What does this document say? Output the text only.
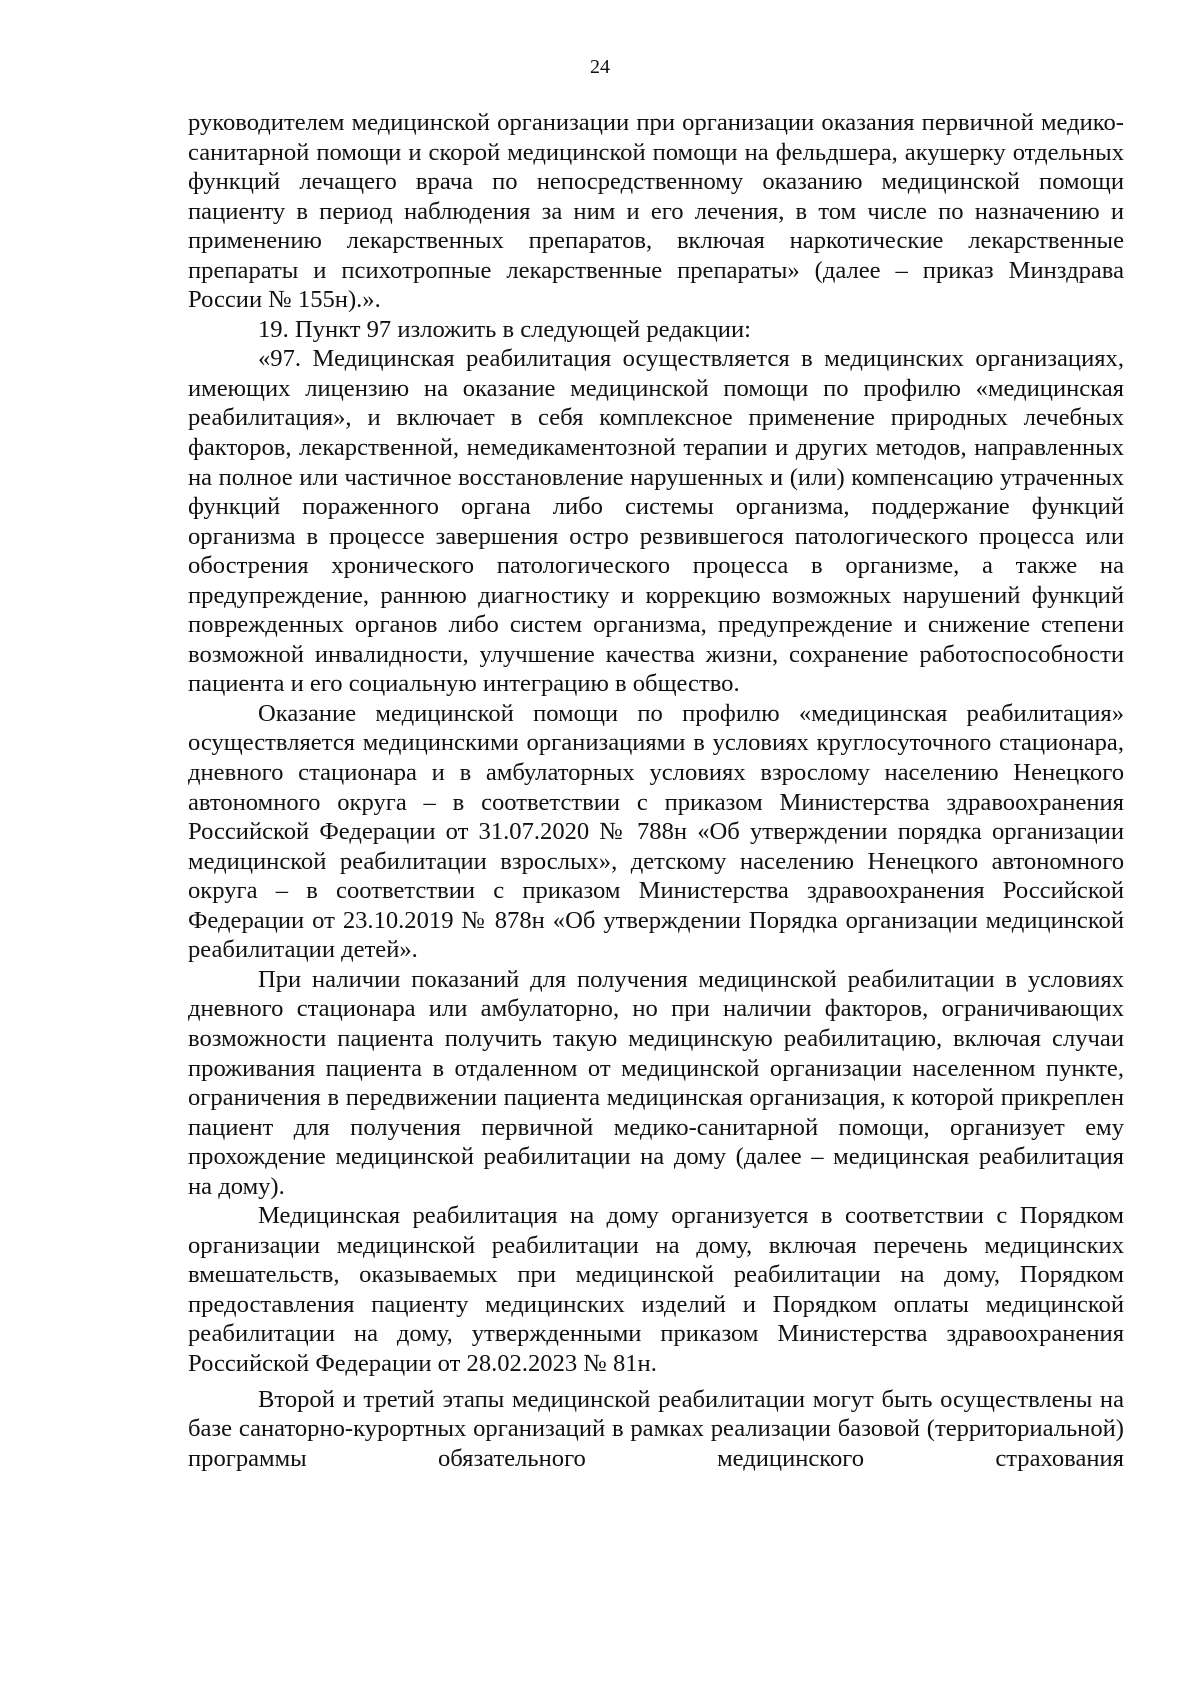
24

руководителем медицинской организации при организации оказания первичной медико-санитарной помощи и скорой медицинской помощи на фельдшера, акушерку отдельных функций лечащего врача по непосредственному оказанию медицинской помощи пациенту в период наблюдения за ним и его лечения, в том числе по назначению и применению лекарственных препаратов, включая наркотические лекарственные препараты и психотропные лекарственные препараты» (далее – приказ Минздрава России № 155н).».

19. Пункт 97 изложить в следующей редакции:

«97. Медицинская реабилитация осуществляется в медицинских организациях, имеющих лицензию на оказание медицинской помощи по профилю «медицинская реабилитация», и включает в себя комплексное применение природных лечебных факторов, лекарственной, немедикаментозной терапии и других методов, направленных на полное или частичное восстановление нарушенных и (или) компенсацию утраченных функций пораженного органа либо системы организма, поддержание функций организма в процессе завершения остро резвившегося патологического процесса или обострения хронического патологического процесса в организме, а также на предупреждение, раннюю диагностику и коррекцию возможных нарушений функций поврежденных органов либо систем организма, предупреждение и снижение степени возможной инвалидности, улучшение качества жизни, сохранение работоспособности пациента и его социальную интеграцию в общество.

Оказание медицинской помощи по профилю «медицинская реабилитация» осуществляется медицинскими организациями в условиях круглосуточного стационара, дневного стационара и в амбулаторных условиях взрослому населению Ненецкого автономного округа – в соответствии с приказом Министерства здравоохранения Российской Федерации от 31.07.2020 № 788н «Об утверждении порядка организации медицинской реабилитации взрослых», детскому населению Ненецкого автономного округа – в соответствии с приказом Министерства здравоохранения Российской Федерации от 23.10.2019 № 878н «Об утверждении Порядка организации медицинской реабилитации детей».

При наличии показаний для получения медицинской реабилитации в условиях дневного стационара или амбулаторно, но при наличии факторов, ограничивающих возможности пациента получить такую медицинскую реабилитацию, включая случаи проживания пациента в отдаленном от медицинской организации населенном пункте, ограничения в передвижении пациента медицинская организация, к которой прикреплен пациент для получения первичной медико-санитарной помощи, организует ему прохождение медицинской реабилитации на дому (далее – медицинская реабилитация на дому).

Медицинская реабилитация на дому организуется в соответствии с Порядком организации медицинской реабилитации на дому, включая перечень медицинских вмешательств, оказываемых при медицинской реабилитации на дому, Порядком предоставления пациенту медицинских изделий и Порядком оплаты медицинской реабилитации на дому, утвержденными приказом Министерства здравоохранения Российской Федерации от 28.02.2023 № 81н.

Второй и третий этапы медицинской реабилитации могут быть осуществлены на базе санаторно-курортных организаций в рамках реализации базовой (территориальной) программы обязательного медицинского страхования
